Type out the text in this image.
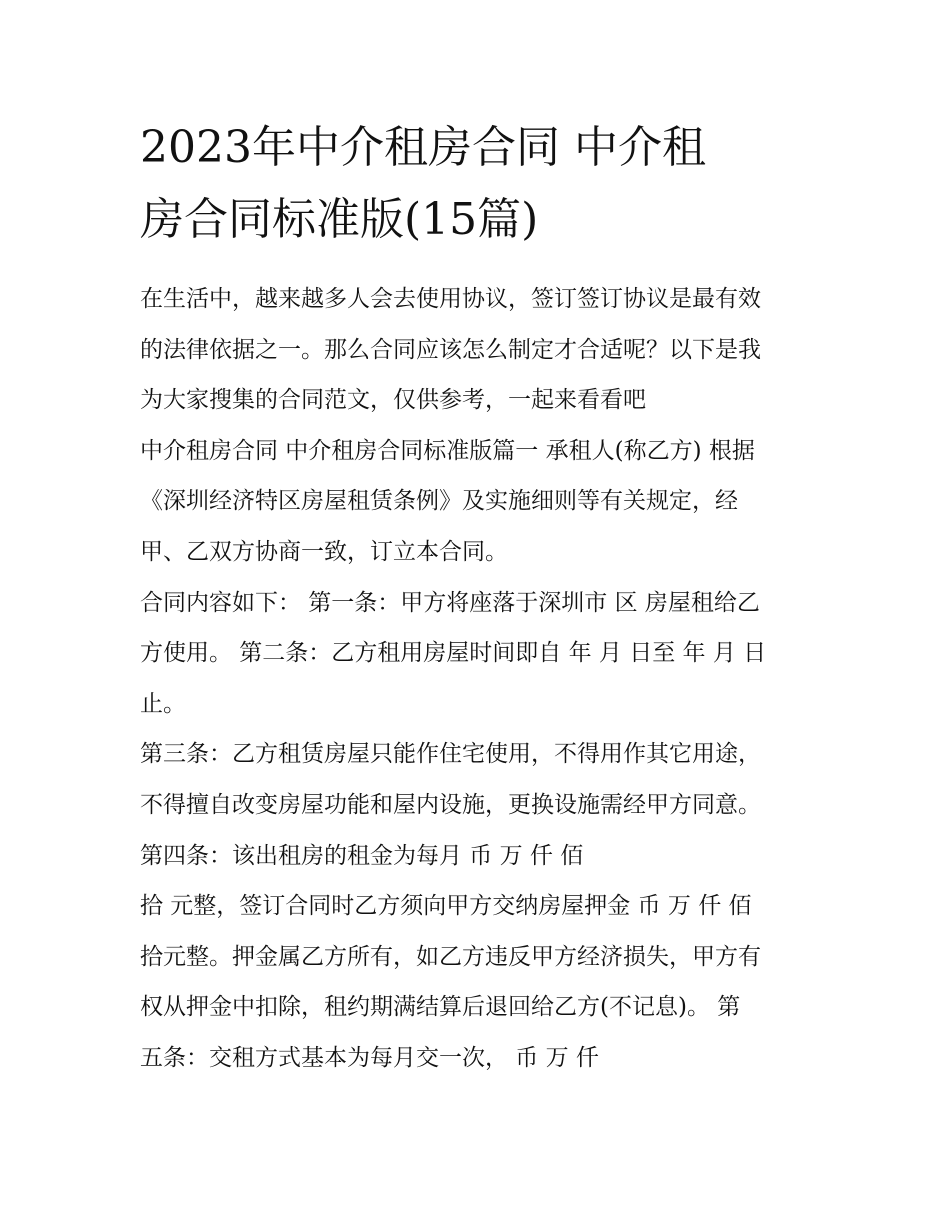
2023年中介租房合同 中介租
房合同标准版(15篇)
在生活中，越来越多人会去使用协议，签订签订协议是最有效
的法律依据之一。那么合同应该怎么制定才合适呢？以下是我
为大家搜集的合同范文，仅供参考，一起来看看吧
中介租房合同 中介租房合同标准版篇一 承租人(称乙方) 根据
《深圳经济特区房屋租赁条例》及实施细则等有关规定，经
甲、乙双方协商一致，订立本合同。
合同内容如下： 第一条：甲方将座落于深圳市 区 房屋租给乙
方使用。 第二条：乙方租用房屋时间即自 年 月 日至 年 月 日
止。
第三条：乙方租赁房屋只能作住宅使用，不得用作其它用途，
不得擅自改变房屋功能和屋内设施，更换设施需经甲方同意。
第四条：该出租房的租金为每月 币 万 仟 佰
拾 元整，签订合同时乙方须向甲方交纳房屋押金 币 万 仟 佰
拾元整。押金属乙方所有，如乙方违反甲方经济损失，甲方有
权从押金中扣除，租约期满结算后退回给乙方(不记息)。 第
五条：交租方式基本为每月交一次， 币 万 仟
